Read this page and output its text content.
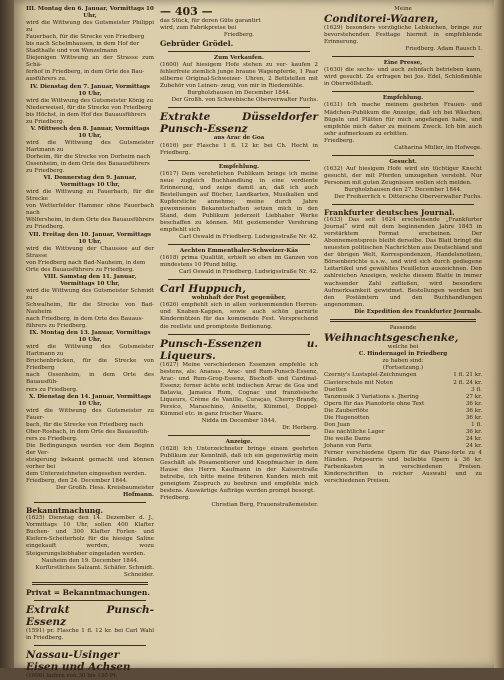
III. Montag den 6. Januar, Vormittags 10 Uhr,

wird die Wittwung des Gutsmeister Philippi zu

Fauerbach, für die Strecke von Friedberg

bis nach Schelmhausen, in dem Hof der

Stadthalle und von Wenzelmann

Diejenigen Wittwung an der Strasse zum Schä-

ferhof in Friedberg, in dem Orte des Bau-

ausführers zu.

IV. Dienstag den 7. Januar, Vormittags 10 Uhr,

wird die Wittwung des Gutsmeister König zu

Niederweisel, für die Strecke von Friedberg

bis Höchst, in dem Hof des Bauausführers

zu Friedberg.

V. Mittwoch den 8. Januar, Vormittags 10 Uhr,

wird die Wittwung des Gutsmeister Hartmann zu

Dorheim, für die Strecke von Dorheim nach

Ossenheim, in dem Orte des Bauausführers

zu Friedberg.

VI. Donnerstag den 9. Januar, Vormittags 10 Uhr,

wird die Wittwung zu Fauerbach, für die Strecke

von Wetterfelder Hammer ohne Fauerbach nach

Wölfersheim, in dem Orte des Bauausführers

zu Friedberg.

VII. Freitag den 10. Januar, Vormittags 10 Uhr,

wird die Wittwung der Chaussee auf der Strasse

von Friedberg nach Bad-Nauheim, in dem

Orte des Bauausführers zu Friedberg.

VIII. Samstag den 11. Januar, Vormittags 10 Uhr,

wird die Wittwung des Gutsmeister Schmidt zu

Schwalheim, für die Strecke von Bad-Nauheim

nach Friedberg, in dem Orte des Bauaus-

führers zu Friedberg.

IX. Montag den 13. Januar, Vormittags 10 Uhr,

wird die Wittwung des Gutsmeister Hartmann zu

Bruchenbrücken, für die Strecke von Friedberg

nach Ossenheim, in dem Orte des Bauausfüh-

rers zu Friedberg.

X. Dienstag den 14. Januar, Vormittags 10 Uhr,

wird die Wittwung des Gutsmeister zu Fauer-

bach, für die Strecke von Friedberg nach

Ober-Rosbach, in dem Orte des Bauausfüh-

rers zu Friedberg.

Die Bedingungen werden vor dem Beginn der Ver-

steigerung bekannt gemacht und können vorher bei

dem Unterzeichneten eingesehen werden.

Friedberg, den 24. December 1844.

Der Großh. Hess. Kreisbaumeister

Hofmann.

Bekanntmachung.

(1625) Dienstag den 14. Dezember d. J., Vormittags 10 Uhr, sollen 400 Klafter Buchen- und 300 Klafter Forlen- und Kiefern-Scheiterholz für die hiesige Saline eingekauft werden, wozu Steigerungsliebhaber eingeladen werden.

Nauheim den 19. December 1844.

Kurfürstliches Salzamt. Schäfer. Schmidt. Schneider.

Privat = Bekanntmachungen.

Extrakt Punsch-Essenz

(1591) pr. Flasche 1 fl. 12 kr. bei Carl Wahl in Friedberg.

Nassau-Usinger Eisen und Achsen

(1606) liefere von 30 bis 130 Pf.

— 403 —

das Stück, für deren Güte garantirt

wird, zum Fabrikpreise bei

Friedberg.

Gebrüder Grödel.

Zum Verkaufen.

(1600) Auf hiesigem Hofe stehen zu ver- kaufen 2 fehlerfreie ziemlich junge braune Wagenpferde, 1 Paar silberne Original-Schweizer- Uhren, 2 Bettstellen mit Zubehör von Leinen- zeug, von mir in Riedemühle.

Burgholzhausen im December 1844.

Der Großh. von Schwebische Oberverwalter Fuchs.

Extrakte Düsseldorfer Punsch-Essenz

aus Arac de Goa

(1616) per Flasche 1 fl. 12 kr. bei Ch. Hecht in Friedberg.

Empfehlung.

(1617) Dem verehrlichen Publikum bringe ich meine neue zugleich Buchhandlung in eine verdiente Erinnerung, und zeige damit an, daß ich auch Bestellungen auf Bücher, Landkarten, Musikalien und Kupferstiche annehme; meine durch Jahre gewonnenen Bekanntschaften setzen mich in den Stand, dem Publikum jederzeit Liebhaber Werke beschaffen zu können. Mit geziemender Verehrung empfiehlt sich

Carl Oswald in Friedberg. Ludwigsstraße Nr. 42.

Aechten Emmenthaler-Schweizer-Käs

(1618) prima Qualität, erhielt so eben im Ganzen von mindestens 10 Pfund billig.

Carl Oswald in Friedberg. Ludwigsstraße Nr. 42.

Carl Huppuch,

wohnhaft der Post gegenüber,

(1626) empfiehlt sich in allen vorkommenden Herren- und Knaben-Kappen, sowie auch schön garnirte Kindermützen für das kommende Fest. Versprechend die reellste und prompteste Bedienung.

Punsch-Essenzen u. Liqueurs.

(1627) Meine verschiedenen Essenzen empfehle ich bestens, als: Ananas-, Arac- und Rum-Punsch-Essenz, Arac- und Rum-Grog-Essenz, Bischoff- und Cardinal-Essenz; ferner ächte echt indischen Arrac de Goa und Batavia, Jamaica Rum, Cognac und französische Liqueurs, Crème de Vanille, Curaçao, Cherry-Brandy, Persico, Maraschino, Anisette, Kümmel, Doppel-Kümmel etc. in ganz frischer Waare.

Nidda im December 1844.

Dr. Herberg.

Anzeige.

(1628) Ich Unterzeichneter bringe einem geehrten Publikum zur Kenntniß, daß ich ein gegenwärtig mein Geschäft als Posamentierer und Knopfmacher in dem Hause des Herrn Kaufmann in der Kaiserstraße betreibe, ich bitte meine früheren Kunden mich mit geneigtem Zuspruch zu beehren und empfehle mich bestens. Auswärtige Aufträge werden prompt besorgt.

Friedberg.

Christian Berg, Frauenstraßemeister.

Meine

Conditorei-Waaren,

(1629) besonders vorzügliche Lebkuchen, bringe zur bevorstehenden Festtage hiermit in empfehlende Erinnerung.

Friedberg. Adam Rausch I.

Eine Presse,

(1630) die sechs- und auch zehnfach betrieben kann, wird gesucht. Zu erfragen bei Jos. Edel, Schloßmühle in Oberwöllstadt.

Empfehlung.

(1631) Ich mache meinem geehrten Frauen- und Mädchen-Publikum die Anzeige, daß ich bei Wäschen, Bügeln und Plätten für mich angefangen habe, und empfehle mich daher zu meinem Zweck. Ich bin auch sehr aufmerksam zu erbitten.

Friedberg.

Catharina Müller, im Hofwege.

Gesucht.

(1632) Auf hiesigem Hofe wird ein tüchtiger Knecht gesucht, der mit Pferden umzugehen versteht. Nur Personen mit guten Zeugnissen wollen sich melden.

Burgholzhausen den 27. December 1844.

Der Freiherrlich v. Dittersche Oberverwalter Fuchs.

Frankfurter deutsches Journal.

(1633) Das seit 1624 erscheinende „Frankfurter Journal“ wird mit dem beginnenden Jahre 1845 in verstärktem Format erscheinen. Der Abonnementspreis bleibt derselbe. Das Blatt bringt die neuesten politischen Nachrichten aus Deutschland und der übrigen Welt, Korrespondenzen, Handelsnotizen, Börsenberichte u.s.w., und wird sich durch gediegene Leitartikel und gewähltes Feuilleton auszeichnen. Den zahlreichen Anzeigen, welche diesem Blatte in immer wachsender Zahl zufließen, wird besondere Aufmerksamkeit gewidmet. Bestellungen werden bei den Postämtern und den Buchhandlungen angenommen.

Die Expedition des Frankfurter Journals.

Passende

Weihnachtsgeschenke,

welche bei

C. Hindernagel in Friedberg

zu haben sind:

(Fortsetzung.)

Czerniy's Lustspiel-Zeichnungen	1 fl. 21 kr.
Clavierschule mit Noten	2 fl. 24 kr.
Duetten	3 fl.
Tanzmusik 3 Variations s. Jhering	27 kr.
Opern für das Pianoforte ohne Text	36 kr.
Die Zauberflöte	36 kr.
Die Hugenotten	36 kr.
Don Juan	1 fl.
Das nächtliche Lager	36 kr.
Die weiße Dame	24 kr.
Johann von Paris	24 kr.

Ferner verschiedene Opern für das Piano-forte zu 4 Händen. Potpourris und beliebte Opern à 36 kr. Farbenkasten in verschiedenen Preisen. Kinderschriften in reicher Auswahl und zu verschiedenen Preisen.
